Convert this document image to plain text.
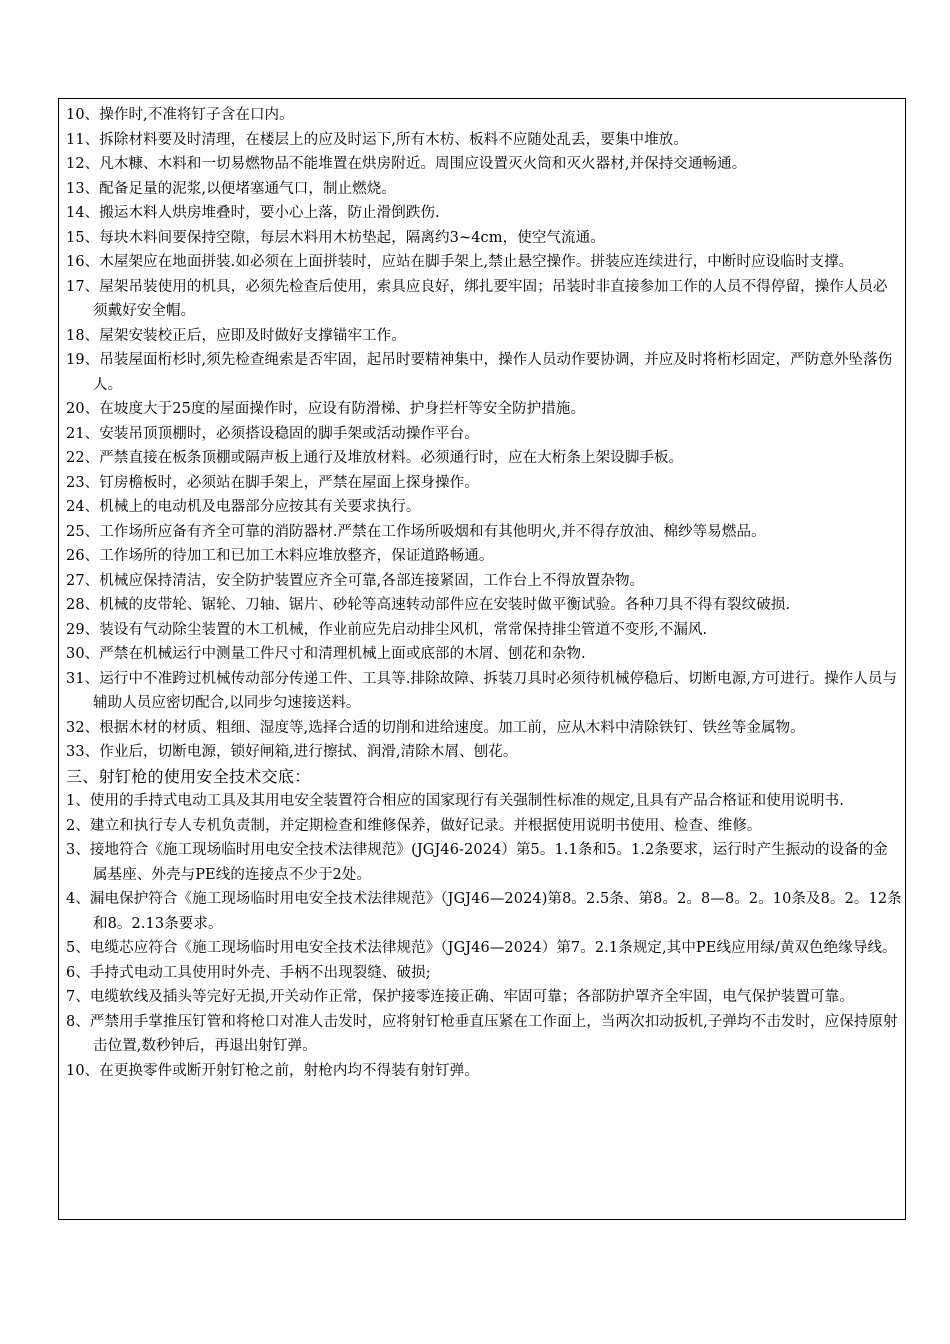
10、操作时,不准将钉子含在口内。
11、拆除材料要及时清理，在楼层上的应及时运下,所有木枋、板料不应随处乱丢，要集中堆放。
12、凡木糠、木料和一切易燃物品不能堆置在烘房附近。周围应设置灭火筒和灭火器材,并保持交通畅通。
13、配备足量的泥浆,以便堵塞通气口，制止燃烧。
14、搬运木料人烘房堆叠时，要小心上落，防止滑倒跌伤.
15、每块木料间要保持空隙，每层木料用木枋垫起，隔离约3~4cm，使空气流通。
16、木屋架应在地面拼装.如必须在上面拼装时，应站在脚手架上,禁止悬空操作。拼装应连续进行，中断时应设临时支撑。
17、屋架吊装使用的机具，必须先检查后使用，索具应良好，绑扎要牢固；吊装时非直接参加工作的人员不得停留，操作人员必须戴好安全帽。
18、屋架安装校正后，应即及时做好支撑锚牢工作。
19、吊装屋面桁杉时,须先检查绳索是否牢固，起吊时要精神集中，操作人员动作要协调，并应及时将桁杉固定，严防意外坠落伤人。
20、在坡度大于25度的屋面操作时，应设有防滑梯、护身拦杆等安全防护措施。
21、安装吊顶顶棚时，必须搭设稳固的脚手架或活动操作平台。
22、严禁直接在板条顶棚或隔声板上通行及堆放材料。必须通行时，应在大桁条上架设脚手板。
23、钉房檐板时，必须站在脚手架上，严禁在屋面上探身操作。
24、机械上的电动机及电器部分应按其有关要求执行。
25、工作场所应备有齐全可靠的消防器材.严禁在工作场所吸烟和有其他明火,并不得存放油、棉纱等易燃品。
26、工作场所的待加工和已加工木料应堆放整齐，保证道路畅通。
27、机械应保持清洁，安全防护装置应齐全可靠,各部连接紧固，工作台上不得放置杂物。
28、机械的皮带轮、锯轮、刀轴、锯片、砂轮等高速转动部件应在安装时做平衡试验。各种刀具不得有裂纹破损.
29、装设有气动除尘装置的木工机械，作业前应先启动排尘风机，常常保持排尘管道不变形,不漏风.
30、严禁在机械运行中测量工件尺寸和清理机械上面或底部的木屑、刨花和杂物.
31、运行中不准跨过机械传动部分传递工件、工具等.排除故障、拆装刀具时必须待机械停稳后、切断电源,方可进行。操作人员与辅助人员应密切配合,以同步匀速接送料。
32、根据木材的材质、粗细、湿度等,选择合适的切削和进给速度。加工前，应从木料中清除铁钉、铁丝等金属物。
33、作业后，切断电源，锁好闸箱,进行擦拭、润滑,清除木屑、刨花。
三、射钉枪的使用安全技术交底：
1、使用的手持式电动工具及其用电安全装置符合相应的国家现行有关强制性标准的规定,且具有产品合格证和使用说明书.
2、建立和执行专人专机负责制，并定期检查和维修保养，做好记录。并根据使用说明书使用、检查、维修。
3、接地符合《施工现场临时用电安全技术法律规范》(JGJ46-2024）第5。1.1条和5。1.2条要求，运行时产生振动的设备的金属基座、外壳与PE线的连接点不少于2处。
4、漏电保护符合《施工现场临时用电安全技术法律规范》（JGJ46—2024)第8。2.5条、第8。2。8—8。2。10条及8。2。12条和8。2.13条要求。
5、电缆芯应符合《施工现场临时用电安全技术法律规范》（JGJ46—2024）第7。2.1条规定,其中PE线应用绿/黄双色绝缘导线。
6、手持式电动工具使用时外壳、手柄不出现裂缝、破损;
7、电缆软线及插头等完好无损,开关动作正常，保护接零连接正确、牢固可靠；各部防护罩齐全牢固，电气保护装置可靠。
8、严禁用手掌推压钉管和将枪口对准人击发时，应将射钉枪垂直压紧在工作面上，当两次扣动扳机,子弹均不击发时，应保持原射击位置,数秒钟后，再退出射钉弹。
10、在更换零件或断开射钉枪之前，射枪内均不得装有射钉弹。
